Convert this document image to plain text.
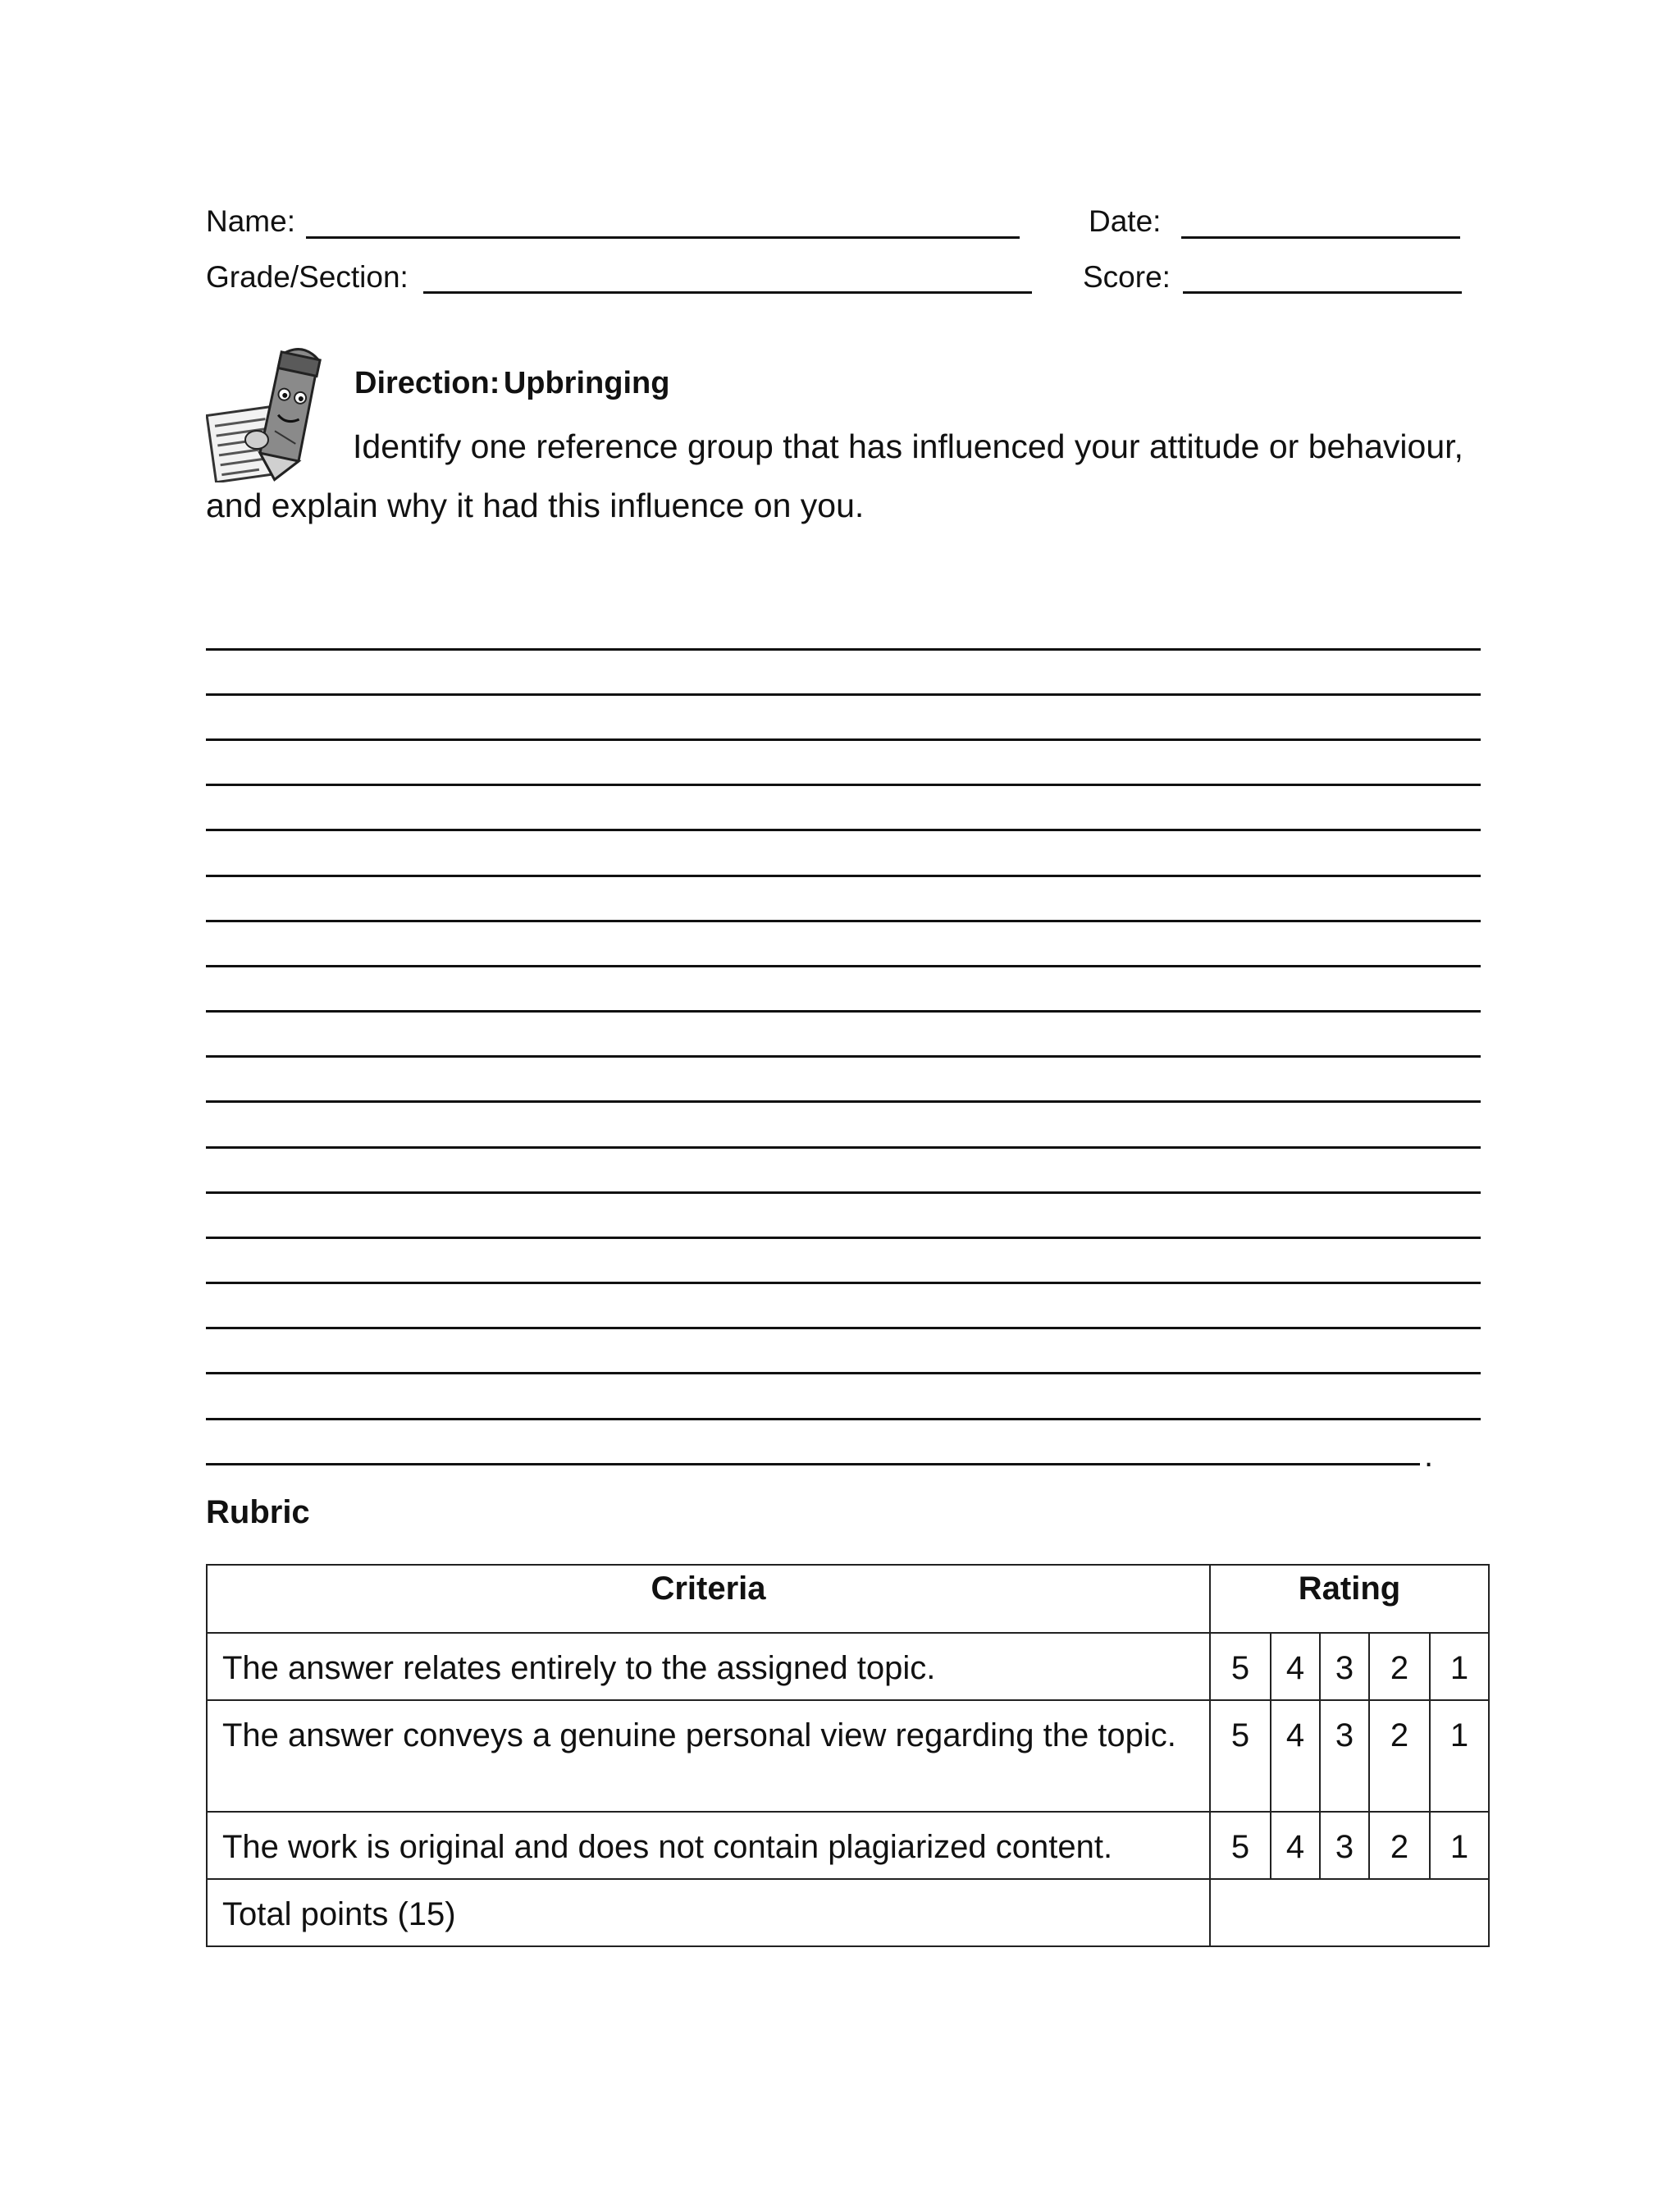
Name:	Date:
Grade/Section:	Score:
Direction: Upbringing
Identify one reference group that has influenced your attitude or behaviour,
and explain why it had this influence on you.
.
Rubric
Criteria	Rating				
The answer relates entirely to the assigned topic.	5	4	3	2	1
The answer conveys a genuine personal view regarding the topic.	5	4	3	2	1
The work is original and does not contain plagiarized content.	5	4	3	2	1
Total points (15)					
